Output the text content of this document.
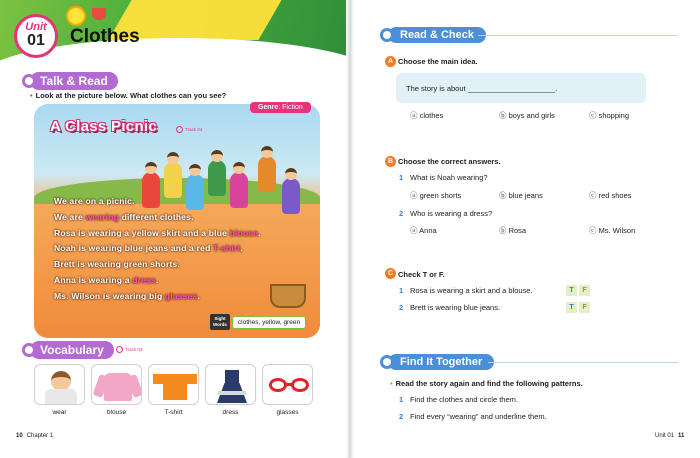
Unit
01	Clothes
Talk & Read
• Look at the picture below. What clothes can you see?
Genre: Fiction
A Class Picnic	Track 04
We are on a picnic.
We are wearing different clothes.
Rosa is wearing a yellow skirt and a blue blouse.
Noah is wearing blue jeans and a red T-shirt.
Brett is wearing green shorts.
Anna is wearing a dress.
Ms. Wilson is wearing big glasses.
Sight
Words	clothes, yellow, green
Vocabulary	Track 03
wear	blouse	T-shirt	dress	glasses
10 Chapter 1
Read & Check
A Choose the main idea.
The story is about _____________________.
ⓐ clothes	ⓑ boys and girls	ⓒ shopping
B Choose the correct answers.
1 What is Noah wearing?
ⓐ green shorts	ⓑ blue jeans	ⓒ red shoes
2 Who is wearing a dress?
ⓐ Anna	ⓑ Rosa	ⓒ Ms. Wilson
C Check T or F.
1 Rosa is wearing a skirt and a blouse.	T	F
2 Brett is wearing blue jeans.	T	F
Find It Together
• Read the story again and find the following patterns.
1 Find the clothes and circle them.
2 Find every “wearing” and underline them.
Unit 01 11
